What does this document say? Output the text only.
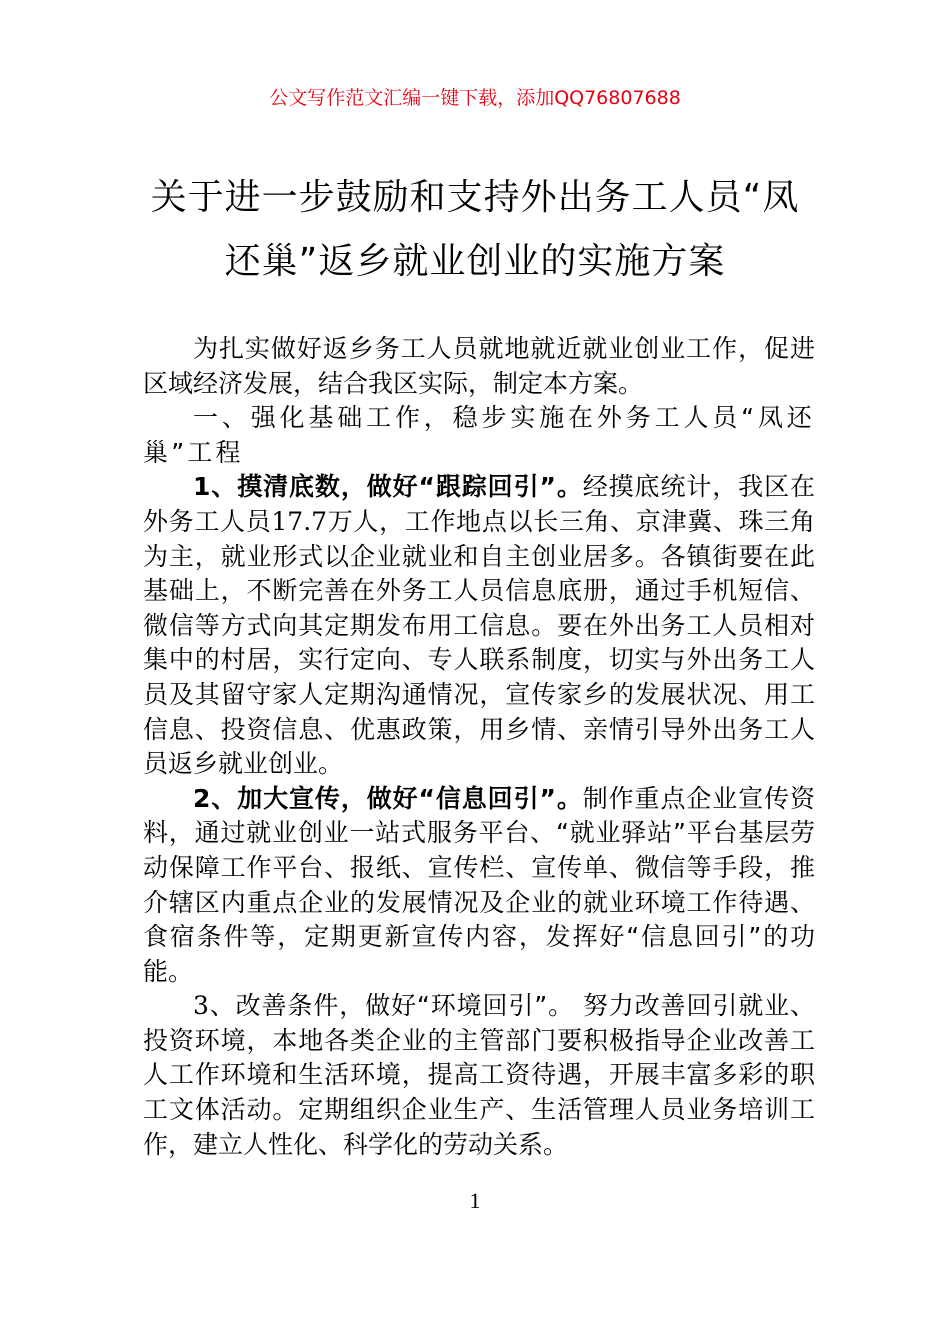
公文写作范文汇编一键下载，添加QQ76807688
关于进一步鼓励和支持外出务工人员“凤还巢”返乡就业创业的实施方案

为扎实做好返乡务工人员就地就近就业创业工作，促进区域经济发展，结合我区实际，制定本方案。

一、强化基础工作，稳步实施在外务工人员“凤还巢”工程

1、摸清底数，做好“跟踪回引”。经摸底统计，我区在外务工人员17.7万人，工作地点以长三角、京津冀、珠三角为主，就业形式以企业就业和自主创业居多。各镇街要在此基础上，不断完善在外务工人员信息底册，通过手机短信、微信等方式向其定期发布用工信息。要在外出务工人员相对集中的村居，实行定向、专人联系制度，切实与外出务工人员及其留守家人定期沟通情况，宣传家乡的发展状况、用工信息、投资信息、优惠政策，用乡情、亲情引导外出务工人员返乡就业创业。

2、加大宣传，做好“信息回引”。制作重点企业宣传资料，通过就业创业一站式服务平台、“就业驿站”平台基层劳动保障工作平台、报纸、宣传栏、宣传单、微信等手段，推介辖区内重点企业的发展情况及企业的就业环境工作待遇、食宿条件等，定期更新宣传内容，发挥好“信息回引”的功能。

3、改善条件，做好“环境回引”。 努力改善回引就业、投资环境，本地各类企业的主管部门要积极指导企业改善工人工作环境和生活环境，提高工资待遇，开展丰富多彩的职工文体活动。定期组织企业生产、生活管理人员业务培训工作，建立人性化、科学化的劳动关系。

1
